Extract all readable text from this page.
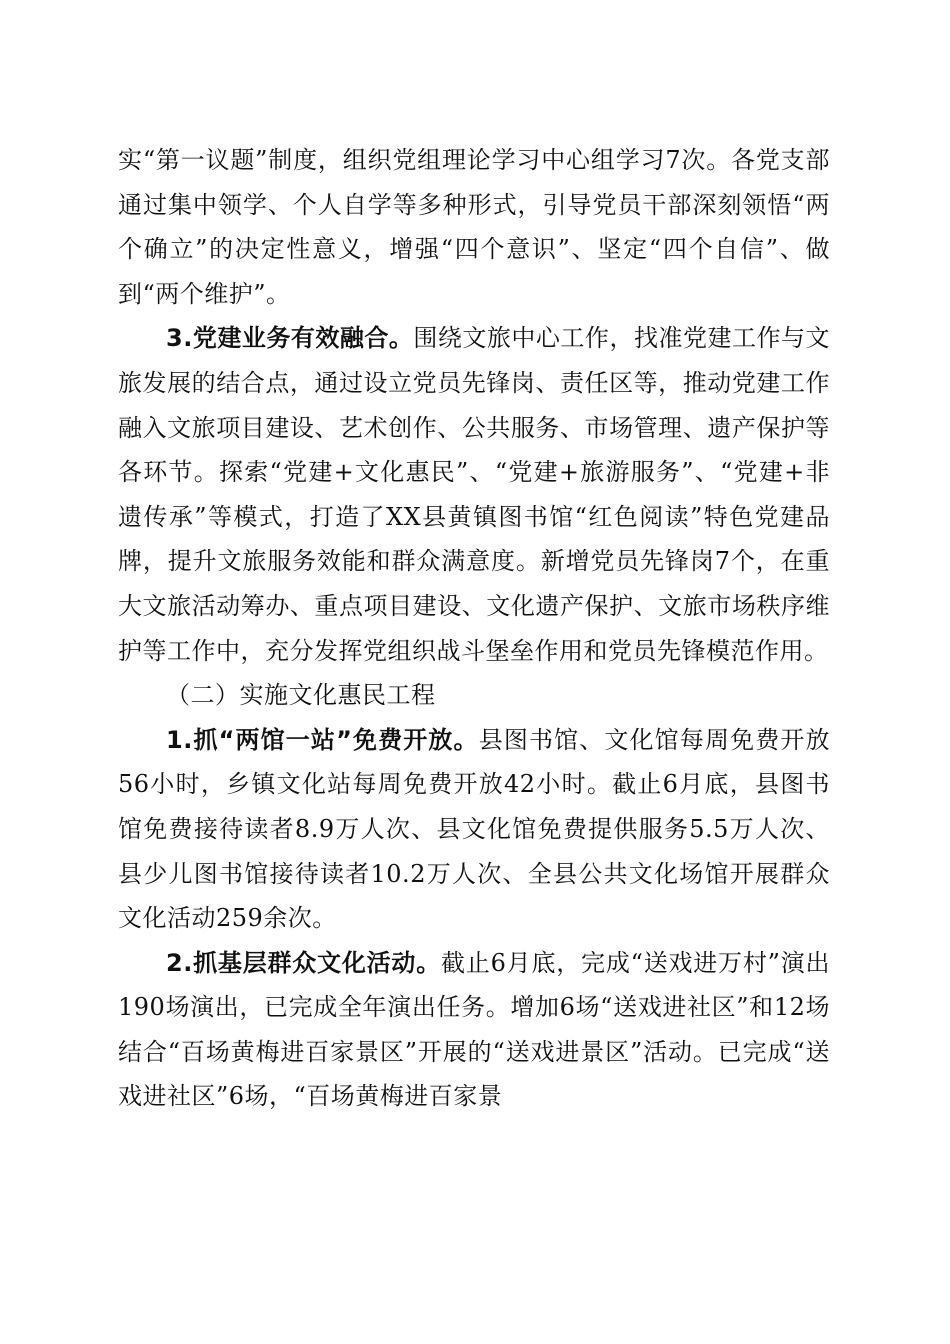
实“第一议题”制度，组织党组理论学习中心组学习7次。各党支部通过集中领学、个人自学等多种形式，引导党员干部深刻领悟“两个确立”的决定性意义，增强“四个意识”、坚定“四个自信”、做到“两个维护”。

3.党建业务有效融合。围绕文旅中心工作，找准党建工作与文旅发展的结合点，通过设立党员先锋岗、责任区等，推动党建工作融入文旅项目建设、艺术创作、公共服务、市场管理、遗产保护等各环节。探索“党建+文化惠民”、“党建+旅游服务”、“党建+非遗传承”等模式，打造了XX县黄镇图书馆“红色阅读”特色党建品牌，提升文旅服务效能和群众满意度。新增党员先锋岗7个，在重大文旅活动筹办、重点项目建设、文化遗产保护、文旅市场秩序维护等工作中，充分发挥党组织战斗堡垒作用和党员先锋模范作用。

（二）实施文化惠民工程

1.抓“两馆一站”免费开放。县图书馆、文化馆每周免费开放56小时，乡镇文化站每周免费开放42小时。截止6月底，县图书馆免费接待读者8.9万人次、县文化馆免费提供服务5.5万人次、县少儿图书馆接待读者10.2万人次、全县公共文化场馆开展群众文化活动259余次。

2.抓基层群众文化活动。截止6月底，完成“送戏进万村”演出190场演出，已完成全年演出任务。增加6场“送戏进社区”和12场结合“百场黄梅进百家景区”开展的“送戏进景区”活动。已完成“送戏进社区”6场，“百场黄梅进百家景
